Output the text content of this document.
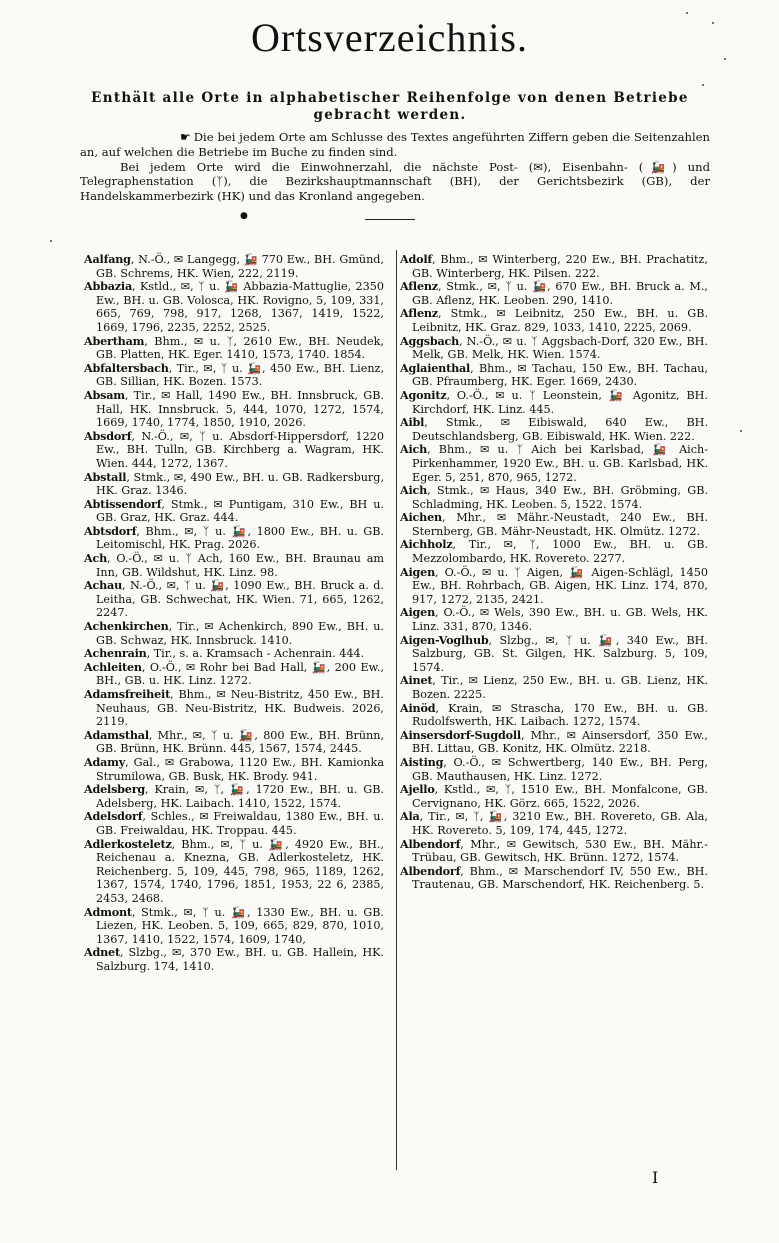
Ortsverzeichnis.
Enthält alle Orte in alphabetischer Reihenfolge von denen Betriebe gebracht werden.

☛ Die bei jedem Orte am Schlusse des Textes angeführten Ziffern geben die Seitenzahlen an, auf welchen die Betriebe im Buche zu finden sind.

Bei jedem Orte wird die Einwohnerzahl, die nächste Post- (✉), Eisenbahn- (🚂) und Telegraphenstation (ᛉ), die Bezirkshauptmannschaft (BH), der Gerichtsbezirk (GB), der Handelskammerbezirk (HK) und das Kronland angegeben.

●

Aalfang, N.-Ö., ✉ Langegg, 🚂 770 Ew., BH. Gmünd, GB. Schrems, HK. Wien, 222, 2119.

Abbazia, Kstld., ✉, ᛉ u. 🚂 Abbazia-Mattuglie, 2350 Ew., BH. u. GB. Volosca, HK. Rovigno, 5, 109, 331, 665, 769, 798, 917, 1268, 1367, 1419, 1522, 1669, 1796, 2235, 2252, 2525.

Abertham, Bhm., ✉ u. ᛉ, 2610 Ew., BH. Neudek, GB. Platten, HK. Eger. 1410, 1573, 1740. 1854.

Abfaltersbach, Tir., ✉, ᛉ u. 🚂, 450 Ew., BH. Lienz, GB. Sillian, HK. Bozen. 1573.

Absam, Tir., ✉ Hall, 1490 Ew., BH. Innsbruck, GB. Hall, HK. Innsbruck. 5, 444, 1070, 1272, 1574, 1669, 1740, 1774, 1850, 1910, 2026.

Absdorf, N.-Ö., ✉, ᛉ u. Absdorf-Hippersdorf, 1220 Ew., BH. Tulln, GB. Kirchberg a. Wagram, HK. Wien. 444, 1272, 1367.

Abstall, Stmk., ✉, 490 Ew., BH. u. GB. Radkersburg, HK. Graz. 1346.

Abtissendorf, Stmk., ✉ Puntigam, 310 Ew., BH u. GB. Graz, HK. Graz. 444.

Abtsdorf, Bhm., ✉, ᛉ u. 🚂, 1800 Ew., BH. u. GB. Leitomischl, HK. Prag. 2026.

Ach, O.-Ö., ✉ u. ᛉ Ach, 160 Ew., BH. Braunau am Inn, GB. Wildshut, HK. Linz. 98.

Achau, N.-Ö., ✉, ᛉ u. 🚂, 1090 Ew., BH. Bruck a. d. Leitha, GB. Schwechat, HK. Wien. 71, 665, 1262, 2247.

Achenkirchen, Tir., ✉ Achenkirch, 890 Ew., BH. u. GB. Schwaz, HK. Innsbruck. 1410.

Achenrain, Tir., s. a. Kramsach - Achenrain. 444.

Achleiten, O.-Ö., ✉ Rohr bei Bad Hall, 🚂, 200 Ew., BH., GB. u. HK. Linz. 1272.

Adamsfreiheit, Bhm., ✉ Neu-Bistritz, 450 Ew., BH. Neuhaus, GB. Neu-Bistritz, HK. Budweis. 2026, 2119.

Adamsthal, Mhr., ✉, ᛉ u. 🚂, 800 Ew., BH. Brünn, GB. Brünn, HK. Brünn. 445, 1567, 1574, 2445.

Adamy, Gal., ✉ Grabowa, 1120 Ew., BH. Kamionka Strumilowa, GB. Busk, HK. Brody. 941.

Adelsberg, Krain, ✉, ᛉ, 🚂, 1720 Ew., BH. u. GB. Adelsberg, HK. Laibach. 1410, 1522, 1574.

Adelsdorf, Schles., ✉ Freiwaldau, 1380 Ew., BH. u. GB. Freiwaldau, HK. Troppau. 445.

Adlerkosteletz, Bhm., ✉, ᛉ u. 🚂, 4920 Ew., BH., Reichenau a. Knezna, GB. Adlerkosteletz, HK. Reichenberg. 5, 109, 445, 798, 965, 1189, 1262, 1367, 1574, 1740, 1796, 1851, 1953, 22 6, 2385, 2453, 2468.

Admont, Stmk., ✉, ᛉ u. 🚂, 1330 Ew., BH. u. GB. Liezen, HK. Leoben. 5, 109, 665, 829, 870, 1010, 1367, 1410, 1522, 1574, 1609, 1740,

Adnet, Slzbg., ✉, 370 Ew., BH. u. GB. Hallein, HK. Salzburg. 174, 1410.

Adolf, Bhm., ✉ Winterberg, 220 Ew., BH. Prachatitz, GB. Winterberg, HK. Pilsen. 222.

Aflenz, Stmk., ✉, ᛉ u. 🚂, 670 Ew., BH. Bruck a. M., GB. Aflenz, HK. Leoben. 290, 1410.

Aflenz, Stmk., ✉ Leibnitz, 250 Ew., BH. u. GB. Leibnitz, HK. Graz. 829, 1033, 1410, 2225, 2069.

Aggsbach, N.-Ö., ✉ u. ᛉ Aggsbach-Dorf, 320 Ew., BH. Melk, GB. Melk, HK. Wien. 1574.

Aglaienthal, Bhm., ✉ Tachau, 150 Ew., BH. Tachau, GB. Pfraumberg, HK. Eger. 1669, 2430.

Agonitz, O.-Ö., ✉ u. ᛉ Leonstein, 🚂 Agonitz, BH. Kirchdorf, HK. Linz. 445.

Aibl, Stmk., ✉ Eibiswald, 640 Ew., BH. Deutschlandsberg, GB. Eibiswald, HK. Wien. 222.

Aich, Bhm., ✉ u. ᛉ Aich bei Karlsbad, 🚂 Aich-Pirkenhammer, 1920 Ew., BH. u. GB. Karlsbad, HK. Eger. 5, 251, 870, 965, 1272.

Aich, Stmk., ✉ Haus, 340 Ew., BH. Gröbming, GB. Schladming, HK. Leoben. 5, 1522. 1574.

Aichen, Mhr., ✉ Mähr.-Neustadt, 240 Ew., BH. Sternberg, GB. Mähr-Neustadt, HK. Olmütz. 1272.

Aichholz, Tir., ✉, ᛉ, 1000 Ew., BH. u. GB. Mezzolombardo, HK. Rovereto. 2277.

Aigen, O.-Ö., ✉ u. ᛉ Aigen, 🚂 Aigen-Schlägl, 1450 Ew., BH. Rohrbach, GB. Aigen, HK. Linz. 174, 870, 917, 1272, 2135, 2421.

Aigen, O.-Ö., ✉ Wels, 390 Ew., BH. u. GB. Wels, HK. Linz. 331, 870, 1346.

Aigen-Voglhub, Slzbg., ✉, ᛉ u. 🚂, 340 Ew., BH. Salzburg, GB. St. Gilgen, HK. Salzburg. 5, 109, 1574.

Ainet, Tir., ✉ Lienz, 250 Ew., BH. u. GB. Lienz, HK. Bozen. 2225.

Ainöd, Krain, ✉ Strascha, 170 Ew., BH. u. GB. Rudolfswerth, HK. Laibach. 1272, 1574.

Ainsersdorf-Sugdoll, Mhr., ✉ Ainsersdorf, 350 Ew., BH. Littau, GB. Konitz, HK. Olmütz. 2218.

Aisting, O.-Ö., ✉ Schwertberg, 140 Ew., BH. Perg, GB. Mauthausen, HK. Linz. 1272.

Ajello, Kstld., ✉, ᛉ, 1510 Ew., BH. Monfalcone, GB. Cervignano, HK. Görz. 665, 1522, 2026.

Ala, Tir., ✉, ᛉ, 🚂, 3210 Ew., BH. Rovereto, GB. Ala, HK. Rovereto. 5, 109, 174, 445, 1272.

Albendorf, Mhr., ✉ Gewitsch, 530 Ew., BH. Mähr.-Trübau, GB. Gewitsch, HK. Brünn. 1272, 1574.

Albendorf, Bhm., ✉ Marschendorf IV, 550 Ew., BH. Trautenau, GB. Marschendorf, HK. Reichenberg. 5.

I
